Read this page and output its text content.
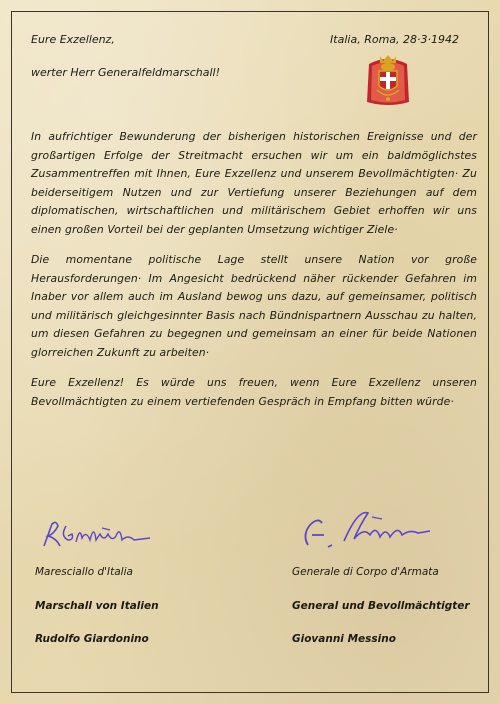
Eure Exzellenz,	Italia, Roma, 28·3·1942
werter Herr Generalfeldmarschall!

In aufrichtiger Bewunderung der bisherigen historischen Ereignisse und der großartigen Erfolge der Streitmacht ersuchen wir um ein baldmöglichstes Zusammentreffen mit Ihnen, Eure Exzellenz und unserem Bevollmächtigten· Zu beiderseitigem Nutzen und zur Vertiefung unserer Beziehungen auf dem diplomatischen, wirtschaftlichen und militärischem Gebiet erhoffen wir uns einen großen Vorteil bei der geplanten Umsetzung wichtiger Ziele·

Die momentane politische Lage stellt unsere Nation vor große Herausforderungen· Im Angesicht bedrückend näher rückender Gefahren im Inaber vor allem auch im Ausland bewog uns dazu, auf gemeinsamer, politisch und militärisch gleichgesinnter Basis nach Bündnispartnern Ausschau zu halten, um diesen Gefahren zu begegnen und gemeinsam an einer für beide Nationen glorreichen Zukunft zu arbeiten·

Eure Exzellenz! Es würde uns freuen, wenn Eure Exzellenz unseren Bevollmächtigten zu einem vertiefenden Gespräch in Empfang bitten würde·

Maresciallo d'Italia
Marschall von Italien
Rudolfo Giardonino
Generale di Corpo d'Armata
General und Bevollmächtigter
Giovanni Messino
